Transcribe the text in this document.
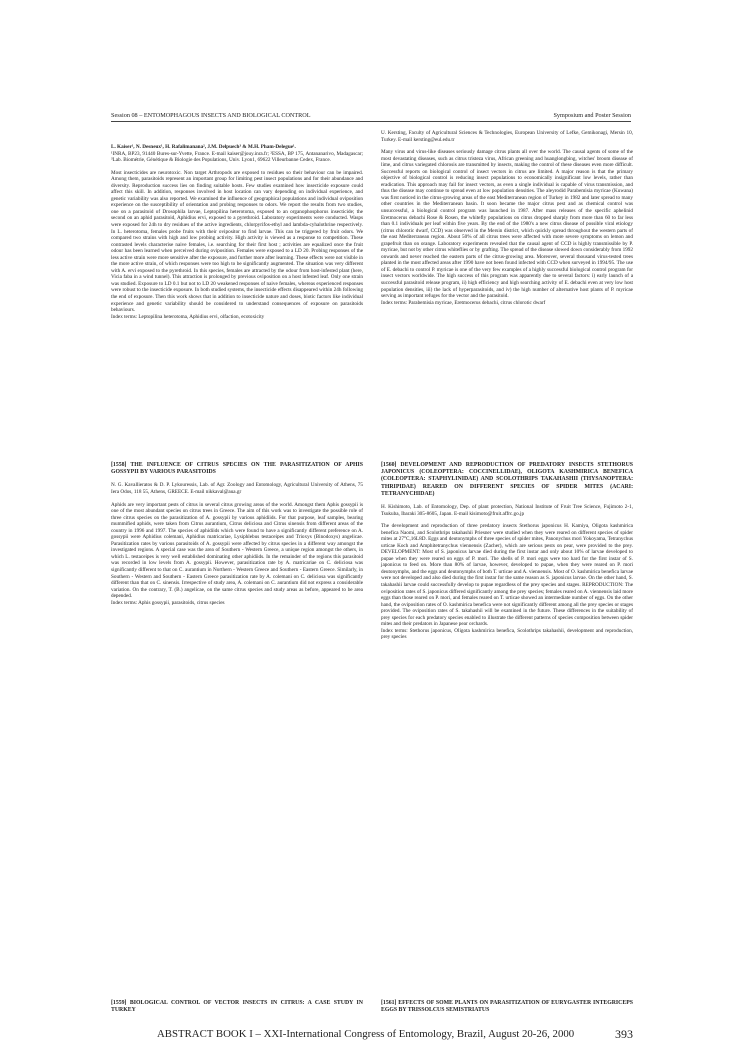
Session 08 – ENTOMOPHAGOUS INSECTS AND BIOLOGICAL CONTROL	Symposium and Poster Session

L. Kaiser¹, N. Desneux¹, H. Rafalimanana², J.M. Delpuech³ & M.H. Pham-Delegue¹.

¹INRA, BP23, 91440 Bures-sur-Yvette, France. E-mail kaiser@jouy.inra.fr; ²ESSA, BP 175, Antananarivo, Madagascar; ³Lab. Biométrie, Génétique & Biologie des Populations, Univ. Lyon1, 69622 Villeurbanne Cedex, France.

Most insecticides are neurotoxic. Non target Arthropods are exposed to residues so their behaviour can be impaired. Among them, parasitoids represent an important group for limiting pest insect populations and for their abundance and diversity. Reproduction success lies on finding suitable hosts. Few studies examined how insecticide exposure could affect this skill. In addition, responses involved in host location can vary depending on individual experience, and genetic variability was also reported. We examined the influence of geographical populations and individual oviposition experience on the susceptibility of orientation and probing responses to odors. We report the results from two studies, one on a parasitoid of Drosophila larvae, Leptopilina heterotoma, exposed to an organophosphorus insecticide; the second on an aphid parasitoid, Aphidius ervi, exposed to a pyrethroid. Laboratory experiments were conducted. Wasps were exposed for 24h to dry residues of the active ingredients, chlorpyrifos-ethyl and lambda-cyhalothrine respectively. In L. heterotoma, females probe fruits with their ovipositor to find larvae. This can be triggered by fruit odors. We compared two strains with high and low probing activity. High activity is viewed as a response to competition. These contrasted levels characterise naive females, i.e. searching for their first host ; activities are equalized once the fruit odour has been learned when perceived during oviposition. Females were exposed to a LD 20. Probing responses of the less active strain were more sensitive after the exposure, and further more after learning. These effects were not visible in the more active strain, of which responses were too high to be significantly augmented. The situation was very different with A. ervi exposed to the pyrethroid. In this species, females are attracted by the odour from host-infested plant (here, Vicia faba in a wind tunnel). This attraction is prolonged by previous oviposition on a host infested leaf. Only one strain was studied. Exposure to LD 0.1 but not to LD 20 weakened responses of naive females, whereas experienced responses were robust to the insecticide exposure. In both studied systems, the insecticide effects disappeared within 24h following the end of exposure. Then this work shows that in addition to insecticide nature and doses, biotic factors like individual experience and genetic variability should be considered to understand consequences of exposure on parasitoids behaviours.

Index terms: Leptopilina heterotoma, Aphidius ervi, olfaction, ecotoxicity

U. Kersting, Faculty of Agricultural Sciences & Technologies, European University of Lefke, Gemikonagi, Mersin 10, Turkey. E-mail kersting@eul.edu.tr

Many virus and virus-like diseases seriously damage citrus plants all over the world. The causal agents of some of the most devastating diseases, such as citrus tristeza virus, African greening and huanglongbing, witches' broom disease of lime, and citrus variegated chlorosis are transmitted by insects, making the control of these diseases even more difficult. Successful reports on biological control of insect vectors in citrus are limited. A major reason is that the primary objective of biological control is reducing insect populations to economically insignificant low levels, rather than eradication. This approach may fail for insect vectors, as even a single individual is capable of virus transmission, and thus the disease may continue to spread even at low population densities. The aleyrodid Parabemisia myricae (Kuwana) was first noticed in the citrus-growing areas of the east Mediterranean region of Turkey in 1982 and later spread to many other countries in the Mediterranean basin. It soon became the major citrus pest and as chemical control was unsuccessful, a biological control program was launched in 1987. After mass releases of the specific aphelinid Eretmocerus debachi Rose & Rosen, the whitefly populations on citrus dropped sharply from more than 60 to far less than 0.1 individuals per leaf within five years. By the end of the 1980's a new citrus disease of possible viral etiology (citrus chlorotic dwarf, CCD) was observed in the Mersin district, which quickly spread throughout the western parts of the east Mediterranean region. About 50% of all citrus trees were affected with more severe symptoms on lemon and grapefruit than on orange. Laboratory experiments revealed that the causal agent of CCD is highly transmissible by P. myricae, but not by other citrus whiteflies or by grafting. The spread of the disease slowed down considerably from 1992 onwards and never reached the eastern parts of the citrus-growing area. Moreover, several thousand virus-tested trees planted in the most affected areas after 1990 have not been found infected with CCD when surveyed in 1994/95. The use of E. debachi to control P. myricae is one of the very few examples of a highly successful biological control program for insect vectors worldwide. The high success of this program was apparently due to several factors: i) early launch of a successful parasitoid release program, ii) high efficiency and high searching activity of E. debachi even at very low host population densities, iii) the lack of hyperparasitoids, and iv) the high number of alternative host plants of P. myricae serving as important refuges for the vector and the parasitoid.

Index terms: Parabemisia myricae, Eretmocerus debachi, citrus chlorotic dwarf

[1558] THE INFLUENCE OF CITRUS SPECIES ON THE PARASITIZATION OF APHIS GOSSYPII BY VARIOUS PARASITOIDS

N. G. Kavallieratos & D. P. Lykouressis, Lab. of Agr. Zoology and Entomology, Agricultural University of Athens, 75 Iera Odos, 118 55, Athens, GREECE. E-mail nikkaval@aua.gr

Aphids are very important pests of citrus in several citrus growing areas of the world. Amongst them Aphis gossypii is one of the most abundant species on citrus trees in Greece. The aim of this work was to investigate the possible role of three citrus species on the parasitization of A. gossypii by various aphidiids. For that purpose, leaf samples, bearing mummified aphids, were taken from Citrus aurantium, Citrus deliciosa and Citrus sinensis from different areas of the country in 1996 and 1997. The species of aphidiids which were found to have a significantly different preference on A. gossypii were Aphidius colemani, Aphidius matricariae, Lysiphlebus testaceipes and Trioxys (Binodoxys) angelicae. Parasitization rates by various parasitoids of A. gossypii were affected by citrus species in a different way amongst the investigated regions. A special case was the area of Southern - Western Greece, a unique region amongst the others, in which L. testaceipes is very well established dominating other aphidiids. In the remainder of the regions this parasitoid was recorded in low levels from A. gossypii. However, parasitization rate by A. matricariae on C. deliciosa was significantly different to that on C. aurantium in Northern - Western Greece and Southern - Eastern Greece. Similarly, in Southern - Western and Southern - Eastern Greece parasitization rate by A. colemani on C. deliciosa was significantly different than that on C. sinensis. Irrespective of study area, A. colemani on C. aurantium did not express a considerable variation. On the contrary, T. (B.) angelicae, on the same citrus species and study areas as before, appeared to be area depended.

Index terms: Aphis gossypii, parasitoids, citrus species

[1560] DEVELOPMENT AND REPRODUCTION OF PREDATORY INSECTS STETHORUS JAPONICUS (COLEOPTERA: COCCINELLIDAE), OLIGOTA KASHMIRICA BENEFICA (COLEOPTERA: STAPHYLINIDAE) AND SCOLOTHRIPS TAKAHASHII (THYSANOPTERA: THRIPIDAE) REARED ON DIFFERENT SPECIES OF SPIDER MITES (ACARI: TETRANYCHIDAE)

H. Kishimoto, Lab. of Entomology, Dep. of plant protection, National Institute of Fruit Tree Science, Fujimoto 2-1, Tsukuba, Ibaraki 305-8605, Japan. E-mail kisimoto@fruit.affrc.go.jp

The development and reproduction of three predatory insects Stethorus japonicus H. Kamiya, Oligota kashmirica benefica Naomi, and Scolothrips takahashii Priesner were studied when they were reared on different species of spider mites at 27°C,16L8D. Eggs and deutonymphs of three species of spider mites, Panonychus mori Yokoyama, Tetranychus urticae Koch and Amphitetranychus viennensis (Zacher), which are serious pests on pear, were provided to the prey. DEVELOPMENT: Most of S. japonicus larvae died during the first instar and only about 10% of larvae developed to pupae when they were reared on eggs of P. mori. The shells of P. mori eggs were too hard for the first instar of S. japonicus to feed on. More than 80% of larvae, however, developed to pupae, when they were reared on P. mori deutonymphs, and the eggs and deutonymphs of both T. urticae and A. viennensis. Most of O. kashmirica benefica larvae were not developed and also died during the first instar for the same reason as S. japonicus larvae. On the other hand, S. takahashii larvae could successfully develop to pupae regardless of the prey species and stages. REPRODUCTION: The oviposition rates of S. japonicus differed significantly among the prey species; females reared on A. viennensis laid more eggs than those reared on P. mori, and females reared on T. urticae showed an intermediate number of eggs. On the other hand, the oviposition rates of O. kashmirica benefica were not significantly different among all the prey species or stages provided. The oviposition rates of S. takahashii will be examined in the future. These differences in the suitability of prey species for each predatory species enabled to illustrate the different patterns of species composition between spider mites and their predators in Japanese pear orchards.

Index terms: Stethorus japonicus, Oligota kashmirica benefica, Scolothrips takahashii, development and reproduction, prey species

[1559] BIOLOGICAL CONTROL OF VECTOR INSECTS IN CITRUS: A CASE STUDY IN TURKEY

[1561] EFFECTS OF SOME PLANTS ON PARASITIZATION OF EURYGASTER INTEGRICEPS EGGS BY TRISSOLCUS SEMISTRIATUS

ABSTRACT BOOK I – XXI-International Congress of Entomology, Brazil, August 20-26, 2000	393
